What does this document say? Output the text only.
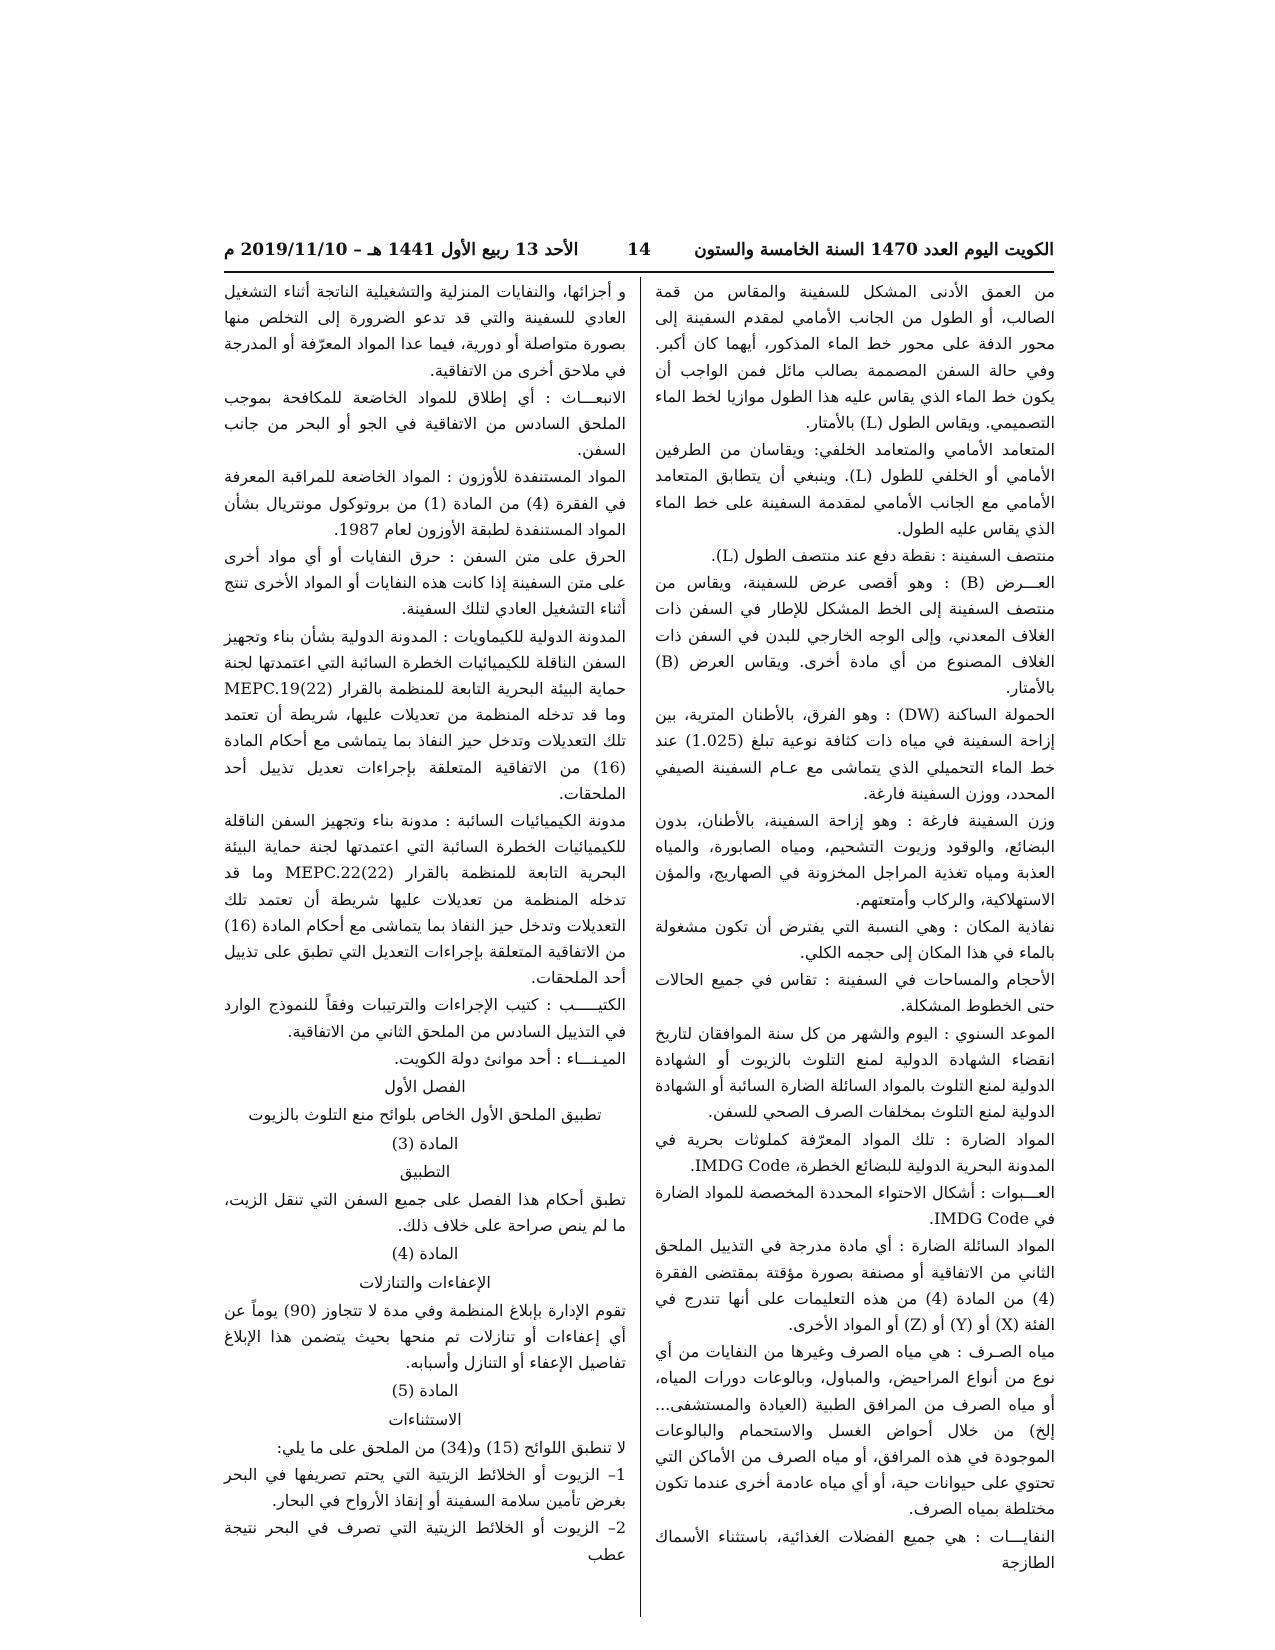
الكويت اليوم العدد 1470 السنة الخامسة والستون
14
الأحد 13 ربيع الأول 1441 هـ – 2019/11/10 م

من العمق الأدنى المشكل للسفينة والمقاس من قمة الصالب، أو الطول من الجانب الأمامي لمقدم السفينة إلى محور الدفة على محور خط الماء المذكور، أيهما كان أكبر. وفي حالة السفن المصممة بصالب مائل فمن الواجب أن يكون خط الماء الذي يقاس عليه هذا الطول موازيا لخط الماء التصميمي. ويقاس الطول (L) بالأمتار.

المتعامد الأمامي والمتعامد الخلفي: ويقاسان من الطرفين الأمامي أو الخلفي للطول (L). وينبغي أن يتطابق المتعامد الأمامي مع الجانب الأمامي لمقدمة السفينة على خط الماء الذي يقاس عليه الطول.

منتصف السفينة : نقطة دفع عند منتصف الطول (L).

العـــرض (B) : وهو أقصى عرض للسفينة، ويقاس من منتصف السفينة إلى الخط المشكل للإطار في السفن ذات الغلاف المعدني، وإلى الوجه الخارجي للبدن في السفن ذات الغلاف المصنوع من أي مادة أخرى. ويقاس العرض (B) بالأمتار.

الحمولة الساكنة (DW) : وهو الفرق، بالأطنان المترية، بين إزاحة السفينة في مياه ذات كثافة نوعية تبلغ (1.025) عند خط الماء التحميلي الذي يتماشى مع عـام السفينة الصيفي المحدد، ووزن السفينة فارغة.

وزن السفينة فارغة : وهو إزاحة السفينة، بالأطنان، بدون البضائع، والوقود وزيوت التشحيم، ومياه الصابورة، والمياه العذبة ومياه تغذية المراجل المخزونة في الصهاريج، والمؤن الاستهلاكية، والركاب وأمتعتهم.

نفاذية المكان : وهي النسبة التي يفترض أن تكون مشغولة بالماء في هذا المكان إلى حجمه الكلي.

الأحجام والمساحات في السفينة : تقاس في جميع الحالات حتى الخطوط المشكلة.

الموعد السنوي : اليوم والشهر من كل سنة الموافقان لتاريخ انقضاء الشهادة الدولية لمنع التلوث بالزيوت أو الشهادة الدولية لمنع التلوث بالمواد السائلة الضارة السائبة أو الشهادة الدولية لمنع التلوث بمخلفات الصرف الصحي للسفن.

المواد الضارة : تلك المواد المعرّفة كملوثات بحرية في المدونة البحرية الدولية للبضائع الخطرة، IMDG Code.

العـــبوات : أشكال الاحتواء المحددة المخصصة للمواد الضارة في IMDG Code.

المواد السائلة الضارة : أي مادة مدرجة في التذييل الملحق الثاني من الاتفاقية أو مصنفة بصورة مؤقتة بمقتضى الفقرة (4) من المادة (4) من هذه التعليمات على أنها تندرج في الفئة (X) أو (Y) أو (Z) أو المواد الأخرى.

مياه الصـرف : هي مياه الصرف وغيرها من النفايات من أي نوع من أنواع المراحيض، والمباول، وبالوعات دورات المياه، أو مياه الصرف من المرافق الطبية (العيادة والمستشفى... إلخ) من خلال أحواض الغسل والاستحمام والبالوعات الموجودة في هذه المرافق، أو مياه الصرف من الأماكن التي تحتوي على حيوانات حية، أو أي مياه عادمة أخرى عندما تكون مختلطة بمياه الصرف.

النفايـــات : هي جميع الفضلات الغذائية، باستثناء الأسماك الطازجة

و أجزائها، والنفايات المنزلية والتشغيلية الناتجة أثناء التشغيل العادي للسفينة والتي قد تدعو الضرورة إلى التخلص منها بصورة متواصلة أو دورية، فيما عدا المواد المعرّفة أو المدرجة في ملاحق أخرى من الاتفاقية.

الانبعـــاث : أي إطلاق للمواد الخاضعة للمكافحة بموجب الملحق السادس من الاتفاقية في الجو أو البحر من جانب السفن.

المواد المستنفدة للأوزون : المواد الخاضعة للمراقبة المعرفة في الفقرة (4) من المادة (1) من بروتوكول مونتريال بشأن المواد المستنفدة لطبقة الأوزون لعام 1987.

الحرق على متن السفن : حرق النفايات أو أي مواد أخرى على متن السفينة إذا كانت هذه النفايات أو المواد الأخرى تنتج أثناء التشغيل العادي لتلك السفينة.

المدونة الدولية للكيماويات : المدونة الدولية بشأن بناء وتجهيز السفن الناقلة للكيميائيات الخطرة السائبة التي اعتمدتها لجنة حماية البيئة البحرية التابعة للمنظمة بالقرار MEPC.19(22) وما قد تدخله المنظمة من تعديلات عليها، شريطة أن تعتمد تلك التعديلات وتدخل حيز النفاذ بما يتماشى مع أحكام المادة (16) من الاتفاقية المتعلقة بإجراءات تعديل تذييل أحد الملحقات.

مدونة الكيميائيات السائبة : مدونة بناء وتجهيز السفن الناقلة للكيميائيات الخطرة السائبة التي اعتمدتها لجنة حماية البيئة البحرية التابعة للمنظمة بالقرار MEPC.22(22) وما قد تدخله المنظمة من تعديلات عليها شريطة أن تعتمد تلك التعديلات وتدخل حيز النفاذ بما يتماشى مع أحكام المادة (16) من الاتفاقية المتعلقة بإجراءات التعديل التي تطبق على تذييل أحد الملحقات.

الكتيـــــب : كتيب الإجراءات والترتيبات وفقاً للنموذج الوارد في التذييل السادس من الملحق الثاني من الاتفاقية.

الميـنـــاء : أحد موانئ دولة الكويت.

الفصل الأول

تطبيق الملحق الأول الخاص بلوائح منع التلوث بالزيوت

المادة (3)

التطبيق

تطبق أحكام هذا الفصل على جميع السفن التي تنقل الزيت، ما لم ينص صراحة على خلاف ذلك.

المادة (4)

الإعفاءات والتنازلات

تقوم الإدارة بإبلاغ المنظمة وفي مدة لا تتجاوز (90) يوماً عن أي إعفاءات أو تنازلات تم منحها بحيث يتضمن هذا الإبلاغ تفاصيل الإعفاء أو التنازل وأسبابه.

المادة (5)

الاستثناءات

لا تنطبق اللوائح (15) و(34) من الملحق على ما يلي:

1– الزيوت أو الخلائط الزيتية التي يحتم تصريفها في البحر بغرض تأمين سلامة السفينة أو إنقاذ الأرواح في البحار.

2– الزيوت أو الخلائط الزيتية التي تصرف في البحر نتيجة عطب
